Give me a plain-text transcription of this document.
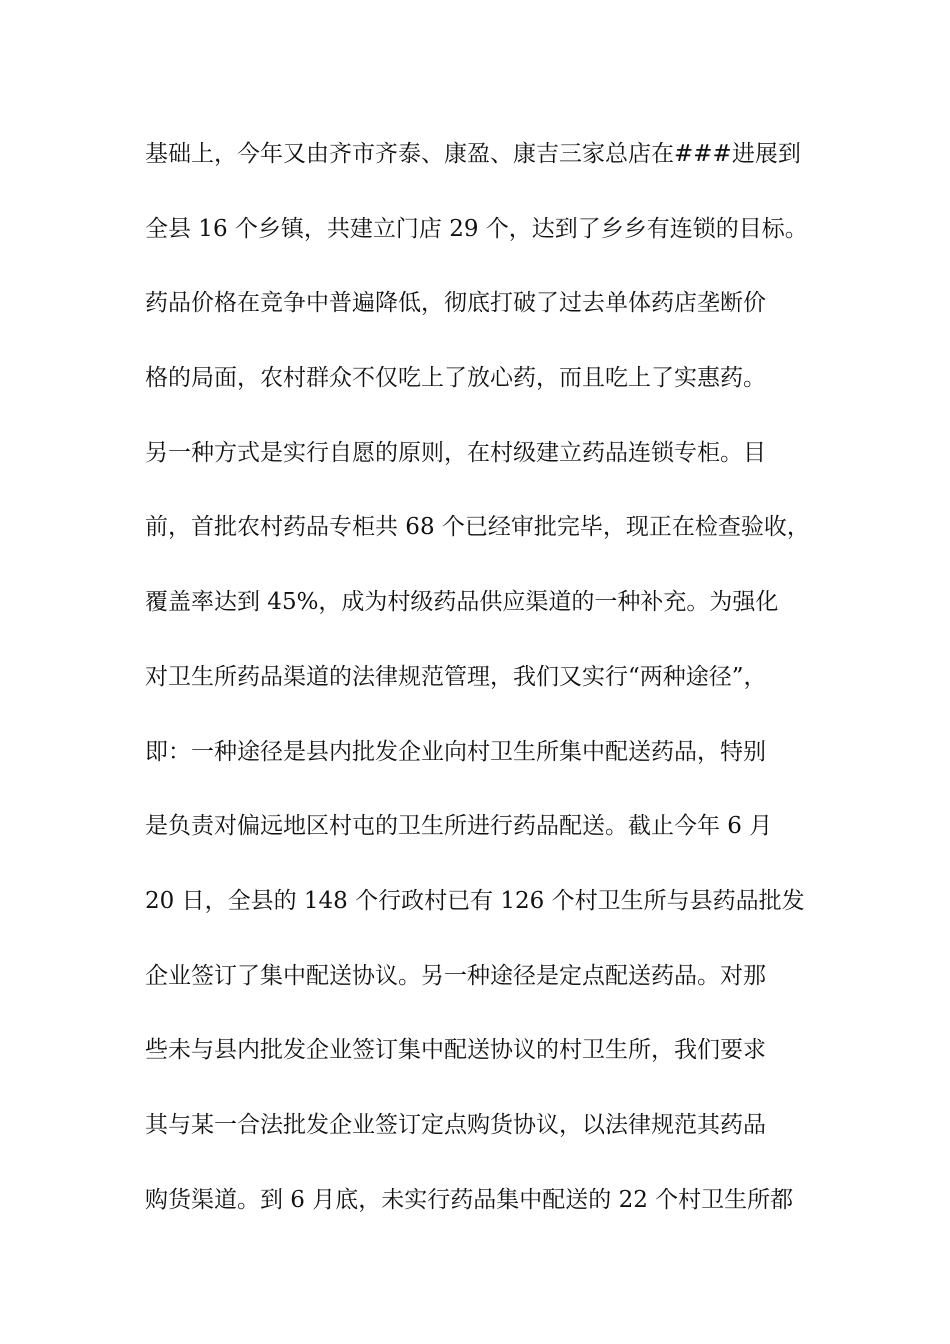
基础上，今年又由齐市齐泰、康盈、康吉三家总店在###进展到
全县 16 个乡镇，共建立门店 29 个，达到了乡乡有连锁的目标。
药品价格在竞争中普遍降低，彻底打破了过去单体药店垄断价
格的局面，农村群众不仅吃上了放心药，而且吃上了实惠药。
另一种方式是实行自愿的原则，在村级建立药品连锁专柜。目
前，首批农村药品专柜共 68 个已经审批完毕，现正在检查验收，
覆盖率达到 45%，成为村级药品供应渠道的一种补充。为强化
对卫生所药品渠道的法律规范管理，我们又实行“两种途径”，
即：一种途径是县内批发企业向村卫生所集中配送药品，特别
是负责对偏远地区村屯的卫生所进行药品配送。截止今年 6 月
20 日，全县的 148 个行政村已有 126 个村卫生所与县药品批发
企业签订了集中配送协议。另一种途径是定点配送药品。对那
些未与县内批发企业签订集中配送协议的村卫生所，我们要求
其与某一合法批发企业签订定点购货协议，以法律规范其药品
购货渠道。到 6 月底，未实行药品集中配送的 22 个村卫生所都
